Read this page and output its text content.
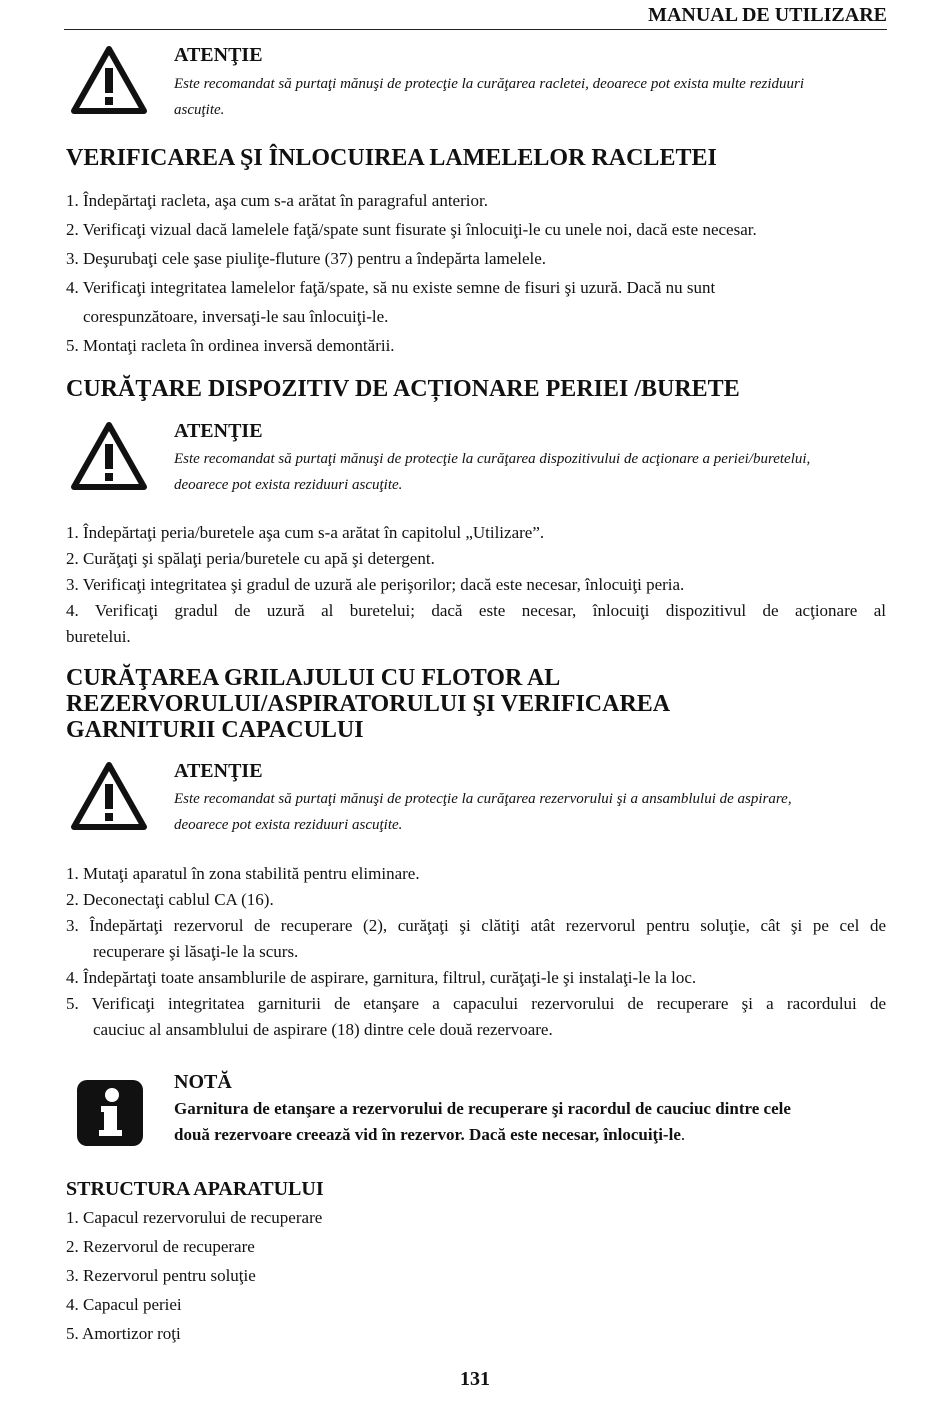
MANUAL DE UTILIZARE
ATENŢIE
Este recomandat să purtaţi mănuşi de protecţie la curăţarea racletei, deoarece pot exista multe reziduuri
ascuţite.
VERIFICAREA ŞI ÎNLOCUIREA LAMELELOR RACLETEI
1. Îndepărtaţi racleta, aşa cum s-a arătat în paragraful anterior.
2. Verificaţi vizual dacă lamelele faţă/spate sunt fisurate şi înlocuiţi-le cu unele noi, dacă este necesar.
3. Deşurubaţi cele şase piuliţe-fluture (37) pentru a îndepărta lamelele.
4. Verificaţi integritatea lamelelor faţă/spate, să nu existe semne de fisuri şi uzură. Dacă nu sunt
corespunzătoare, inversaţi-le sau înlocuiţi-le.
5. Montaţi racleta în ordinea inversă demontării.
CURĂŢARE DISPOZITIV DE ACȚIONARE PERIEI /BURETE
ATENŢIE
Este recomandat să purtaţi mănuşi de protecţie la curăţarea dispozitivului de acţionare a periei/buretelui,
deoarece pot exista reziduuri ascuţite.
1. Îndepărtaţi peria/buretele aşa cum s-a arătat în capitolul „Utilizare”.
2. Curăţaţi şi spălaţi peria/buretele cu apă şi detergent.
3. Verificaţi integritatea şi gradul de uzură ale perişorilor; dacă este necesar, înlocuiţi peria.
4. Verificaţi gradul de uzură al buretelui; dacă este necesar, înlocuiţi dispozitivul de acţionare al
buretelui.
CURĂŢAREA GRILAJULUI CU FLOTOR AL
REZERVORULUI/ASPIRATORULUI ŞI VERIFICAREA
GARNITURII CAPACULUI
ATENŢIE
Este recomandat să purtaţi mănuşi de protecţie la curăţarea rezervorului şi a ansamblului de aspirare,
deoarece pot exista reziduuri ascuţite.
1. Mutaţi aparatul în zona stabilită pentru eliminare.
2. Deconectaţi cablul CA (16).
3. Îndepărtaţi rezervorul de recuperare (2), curăţaţi şi clătiţi atât rezervorul pentru soluţie, cât şi pe cel de
recuperare şi lăsaţi-le la scurs.
4. Îndepărtaţi toate ansamblurile de aspirare, garnitura, filtrul, curăţaţi-le şi instalaţi-le la loc.
5. Verificaţi integritatea garniturii de etanşare a capacului rezervorului de recuperare şi a racordului de
cauciuc al ansamblului de aspirare (18) dintre cele două rezervoare.
NOTĂ
Garnitura de etanşare a rezervorului de recuperare şi racordul de cauciuc dintre cele
două rezervoare creează vid în rezervor. Dacă este necesar, înlocuiţi-le.
STRUCTURA APARATULUI
1. Capacul rezervorului de recuperare
2. Rezervorul de recuperare
3. Rezervorul pentru soluţie
4. Capacul periei
5. Amortizor roţi
131
